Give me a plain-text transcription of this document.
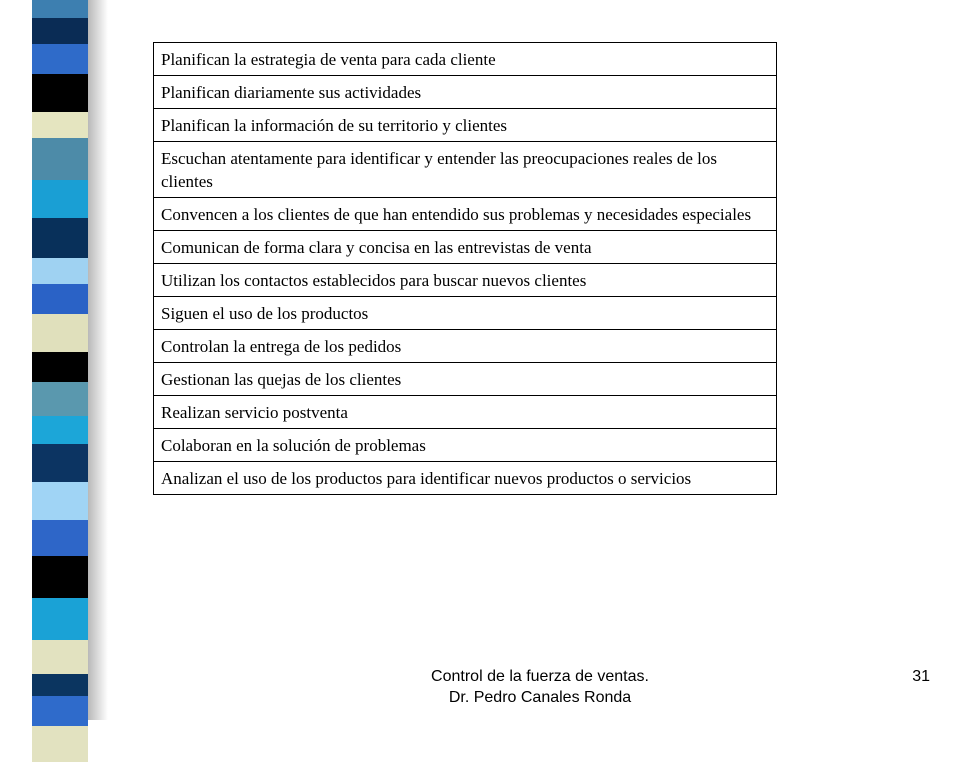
Planifican la estrategia de venta para cada cliente
Planifican diariamente sus actividades
Planifican la información de su territorio y clientes
Escuchan atentamente para identificar y entender las preocupaciones reales de los clientes
Convencen a los clientes de que han entendido sus problemas y necesidades especiales
Comunican de forma clara y concisa en las entrevistas de venta
Utilizan los contactos establecidos para buscar nuevos clientes
Siguen el uso de los productos
Controlan la entrega de los pedidos
Gestionan las quejas de los clientes
Realizan servicio postventa
Colaboran en la solución de problemas
Analizan el uso de los productos para identificar nuevos productos o servicios
Control de la fuerza de ventas.
Dr. Pedro Canales Ronda
31
